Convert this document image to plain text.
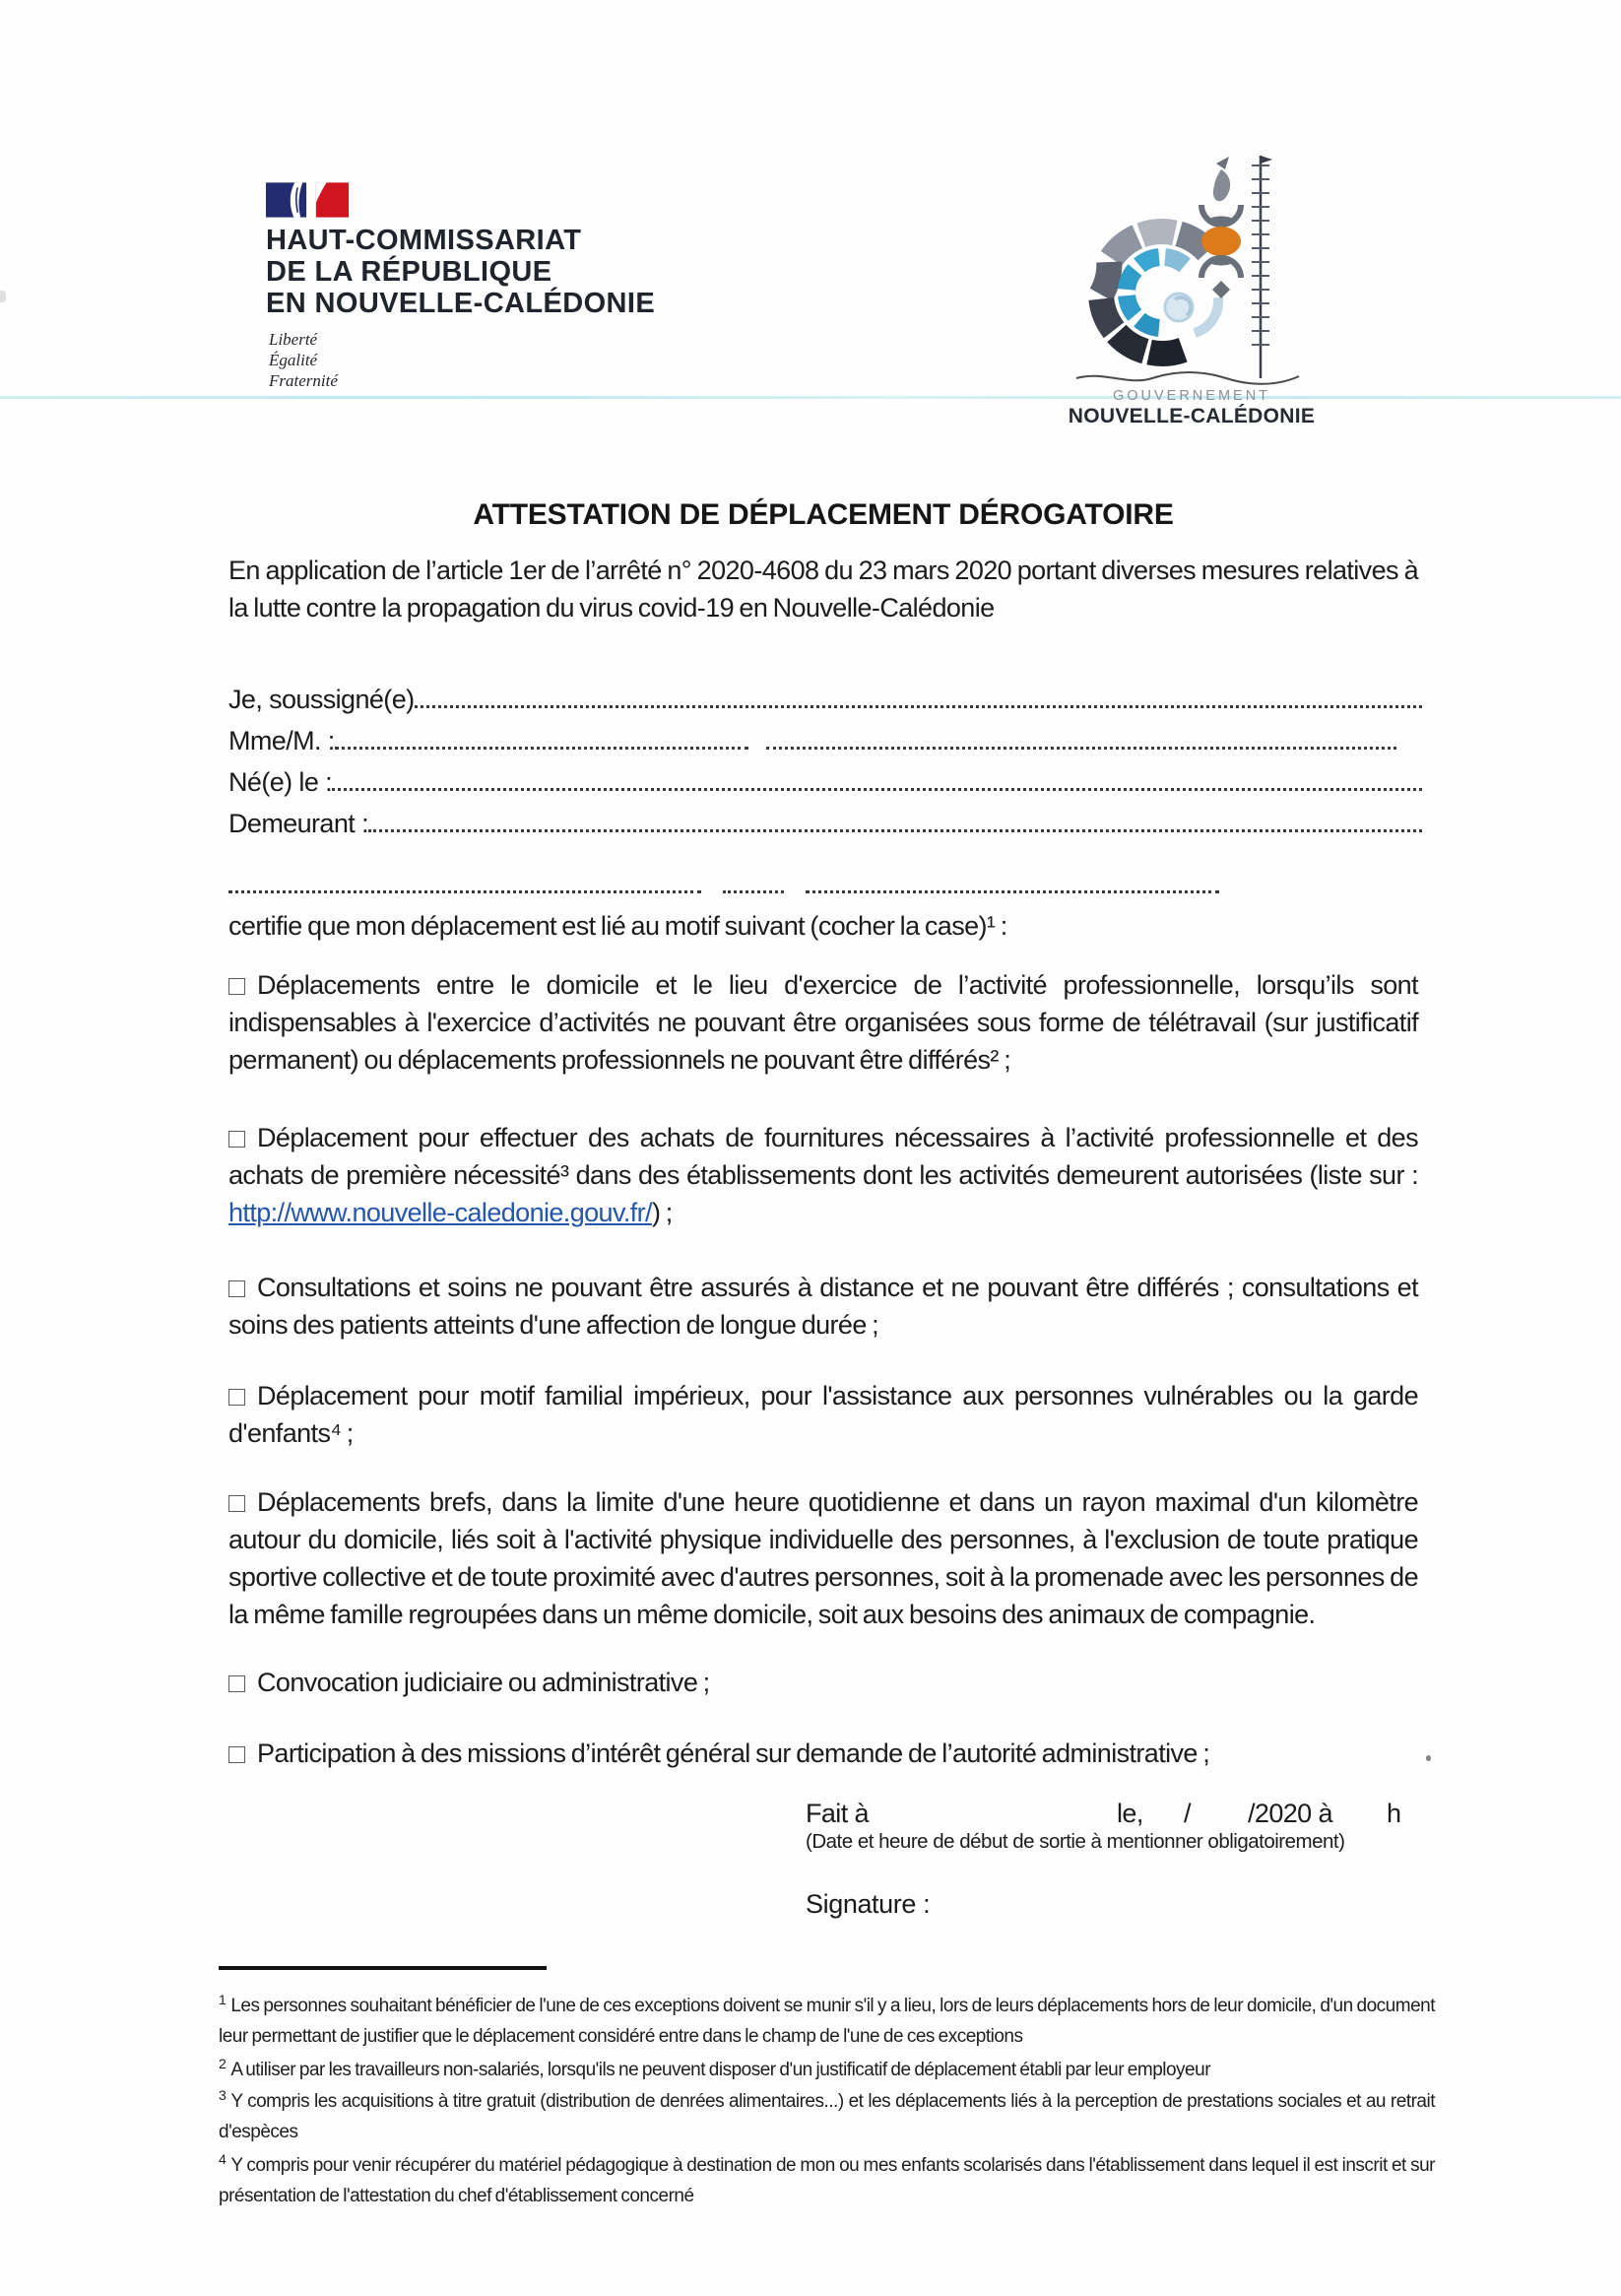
HAUT-COMMISSARIAT
DE LA RÉPUBLIQUE
EN NOUVELLE-CALÉDONIE
Liberté
Égalité
Fraternité
GOUVERNEMENT
NOUVELLE-CALÉDONIE
ATTESTATION DE DÉPLACEMENT DÉROGATOIRE
En application de l’article 1er de l’arrêté n° 2020-4608 du 23 mars 2020 portant diverses mesures relatives à la lutte contre la propagation du virus covid-19 en Nouvelle-Calédonie
Je, soussigné(e)
Mme/M. :
Né(e) le :
Demeurant :
certifie que mon déplacement est lié au motif suivant (cocher la case)¹ :
Déplacements entre le domicile et le lieu d'exercice de l’activité professionnelle, lorsqu’ils sont indispensables à l'exercice d’activités ne pouvant être organisées sous forme de télétravail (sur justificatif permanent) ou déplacements professionnels ne pouvant être différés² ;
Déplacement pour effectuer des achats de fournitures nécessaires à l’activité professionnelle et des achats de première nécessité³ dans des établissements dont les activités demeurent autorisées (liste sur : http://www.nouvelle-caledonie.gouv.fr/) ;
Consultations et soins ne pouvant être assurés à distance et ne pouvant être différés ; consultations et soins des patients atteints d'une affection de longue durée ;
Déplacement pour motif familial impérieux, pour l'assistance aux personnes vulnérables ou la garde d'enfants⁴ ;
Déplacements brefs, dans la limite d'une heure quotidienne et dans un rayon maximal d'un kilomètre autour du domicile, liés soit à l'activité physique individuelle des personnes, à l'exclusion de toute pratique sportive collective et de toute proximité avec d'autres personnes, soit à la promenade avec les personnes de la même famille regroupées dans un même domicile, soit aux besoins des animaux de compagnie.
Convocation judiciaire ou administrative ;
Participation à des missions d’intérêt général sur demande de l’autorité administrative ;
Fait à	le, / /2020 à h
(Date et heure de début de sortie à mentionner obligatoirement)
Signature :
$^1$ Les personnes souhaitant bénéficier de l'une de ces exceptions doivent se munir s'il y a lieu, lors de leurs déplacements hors de leur domicile, d'un document leur permettant de justifier que le déplacement considéré entre dans le champ de l'une de ces exceptions
$^2$ A utiliser par les travailleurs non-salariés, lorsqu'ils ne peuvent disposer d'un justificatif de déplacement établi par leur employeur
$^3$ Y compris les acquisitions à titre gratuit (distribution de denrées alimentaires...) et les déplacements liés à la perception de prestations sociales et au retrait d'espèces
$^4$ Y compris pour venir récupérer du matériel pédagogique à destination de mon ou mes enfants scolarisés dans l'établissement dans lequel il est inscrit et sur présentation de l'attestation du chef d'établissement concerné
